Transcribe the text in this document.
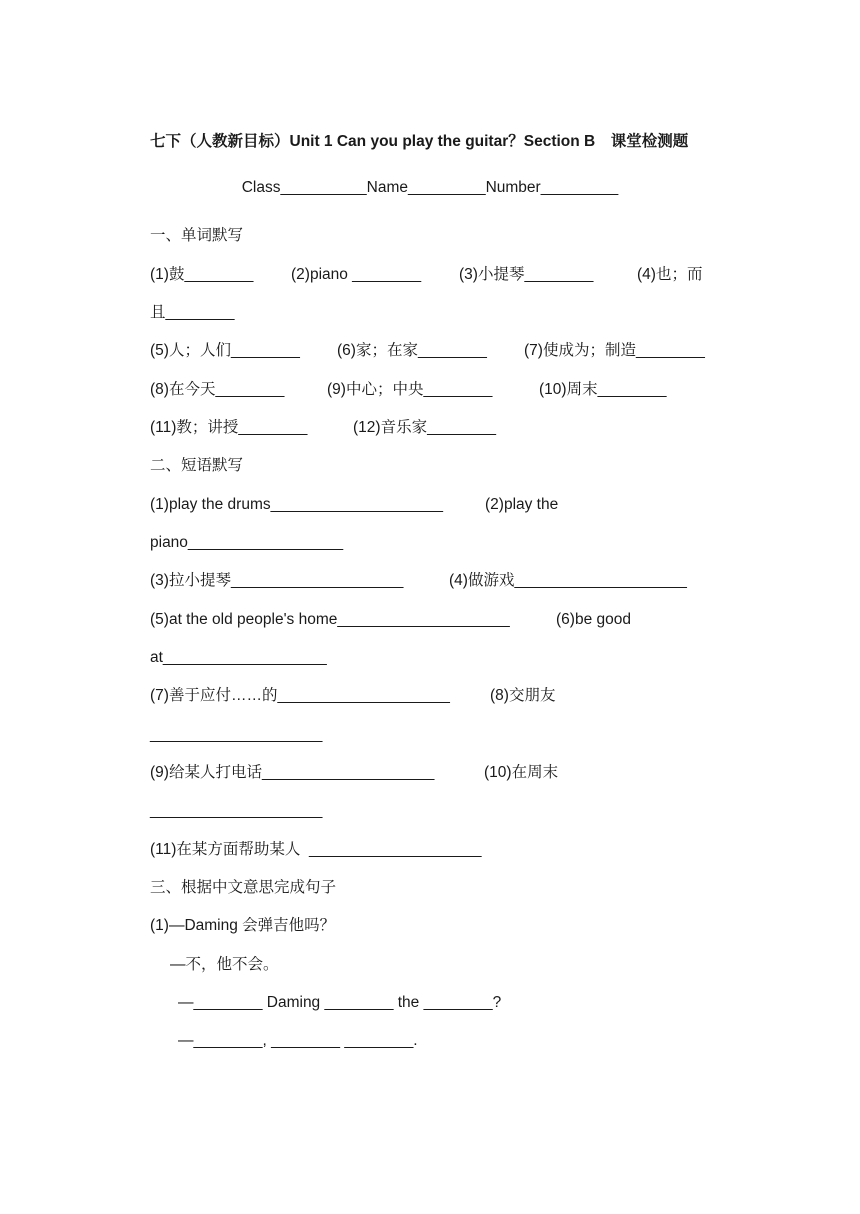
七下（人教新目标）Unit 1 Can you play the guitar？Section B　课堂检测题
Class__________Name_________Number_________
一、单词默写

(1)鼓________

(2)piano ________

(3)小提琴________

	(4)也；而

且________

(5)人；人们________

(6)家；在家________

(7)使成为；制造________

(8)在今天________

	(9)中心；中央________

	(10)周末________

(11)教；讲授________

	(12)音乐家________

二、短语默写

(1)play the drums____________________

	(2)play the

piano__________________

(3)拉小提琴____________________

	(4)做游戏____________________

(5)at the old people's home____________________

	(6)be good

at___________________

(7)善于应付……的____________________

	(8)交朋友

____________________

(9)给某人打电话____________________

	(10)在周末

____________________
(11)在某方面帮助某人  ____________________
三、根据中文意思完成句子
(1)—Daming 会弹吉他吗？
—不，他不会。
—________ Daming ________ the ________?
—________, ________ ________.
